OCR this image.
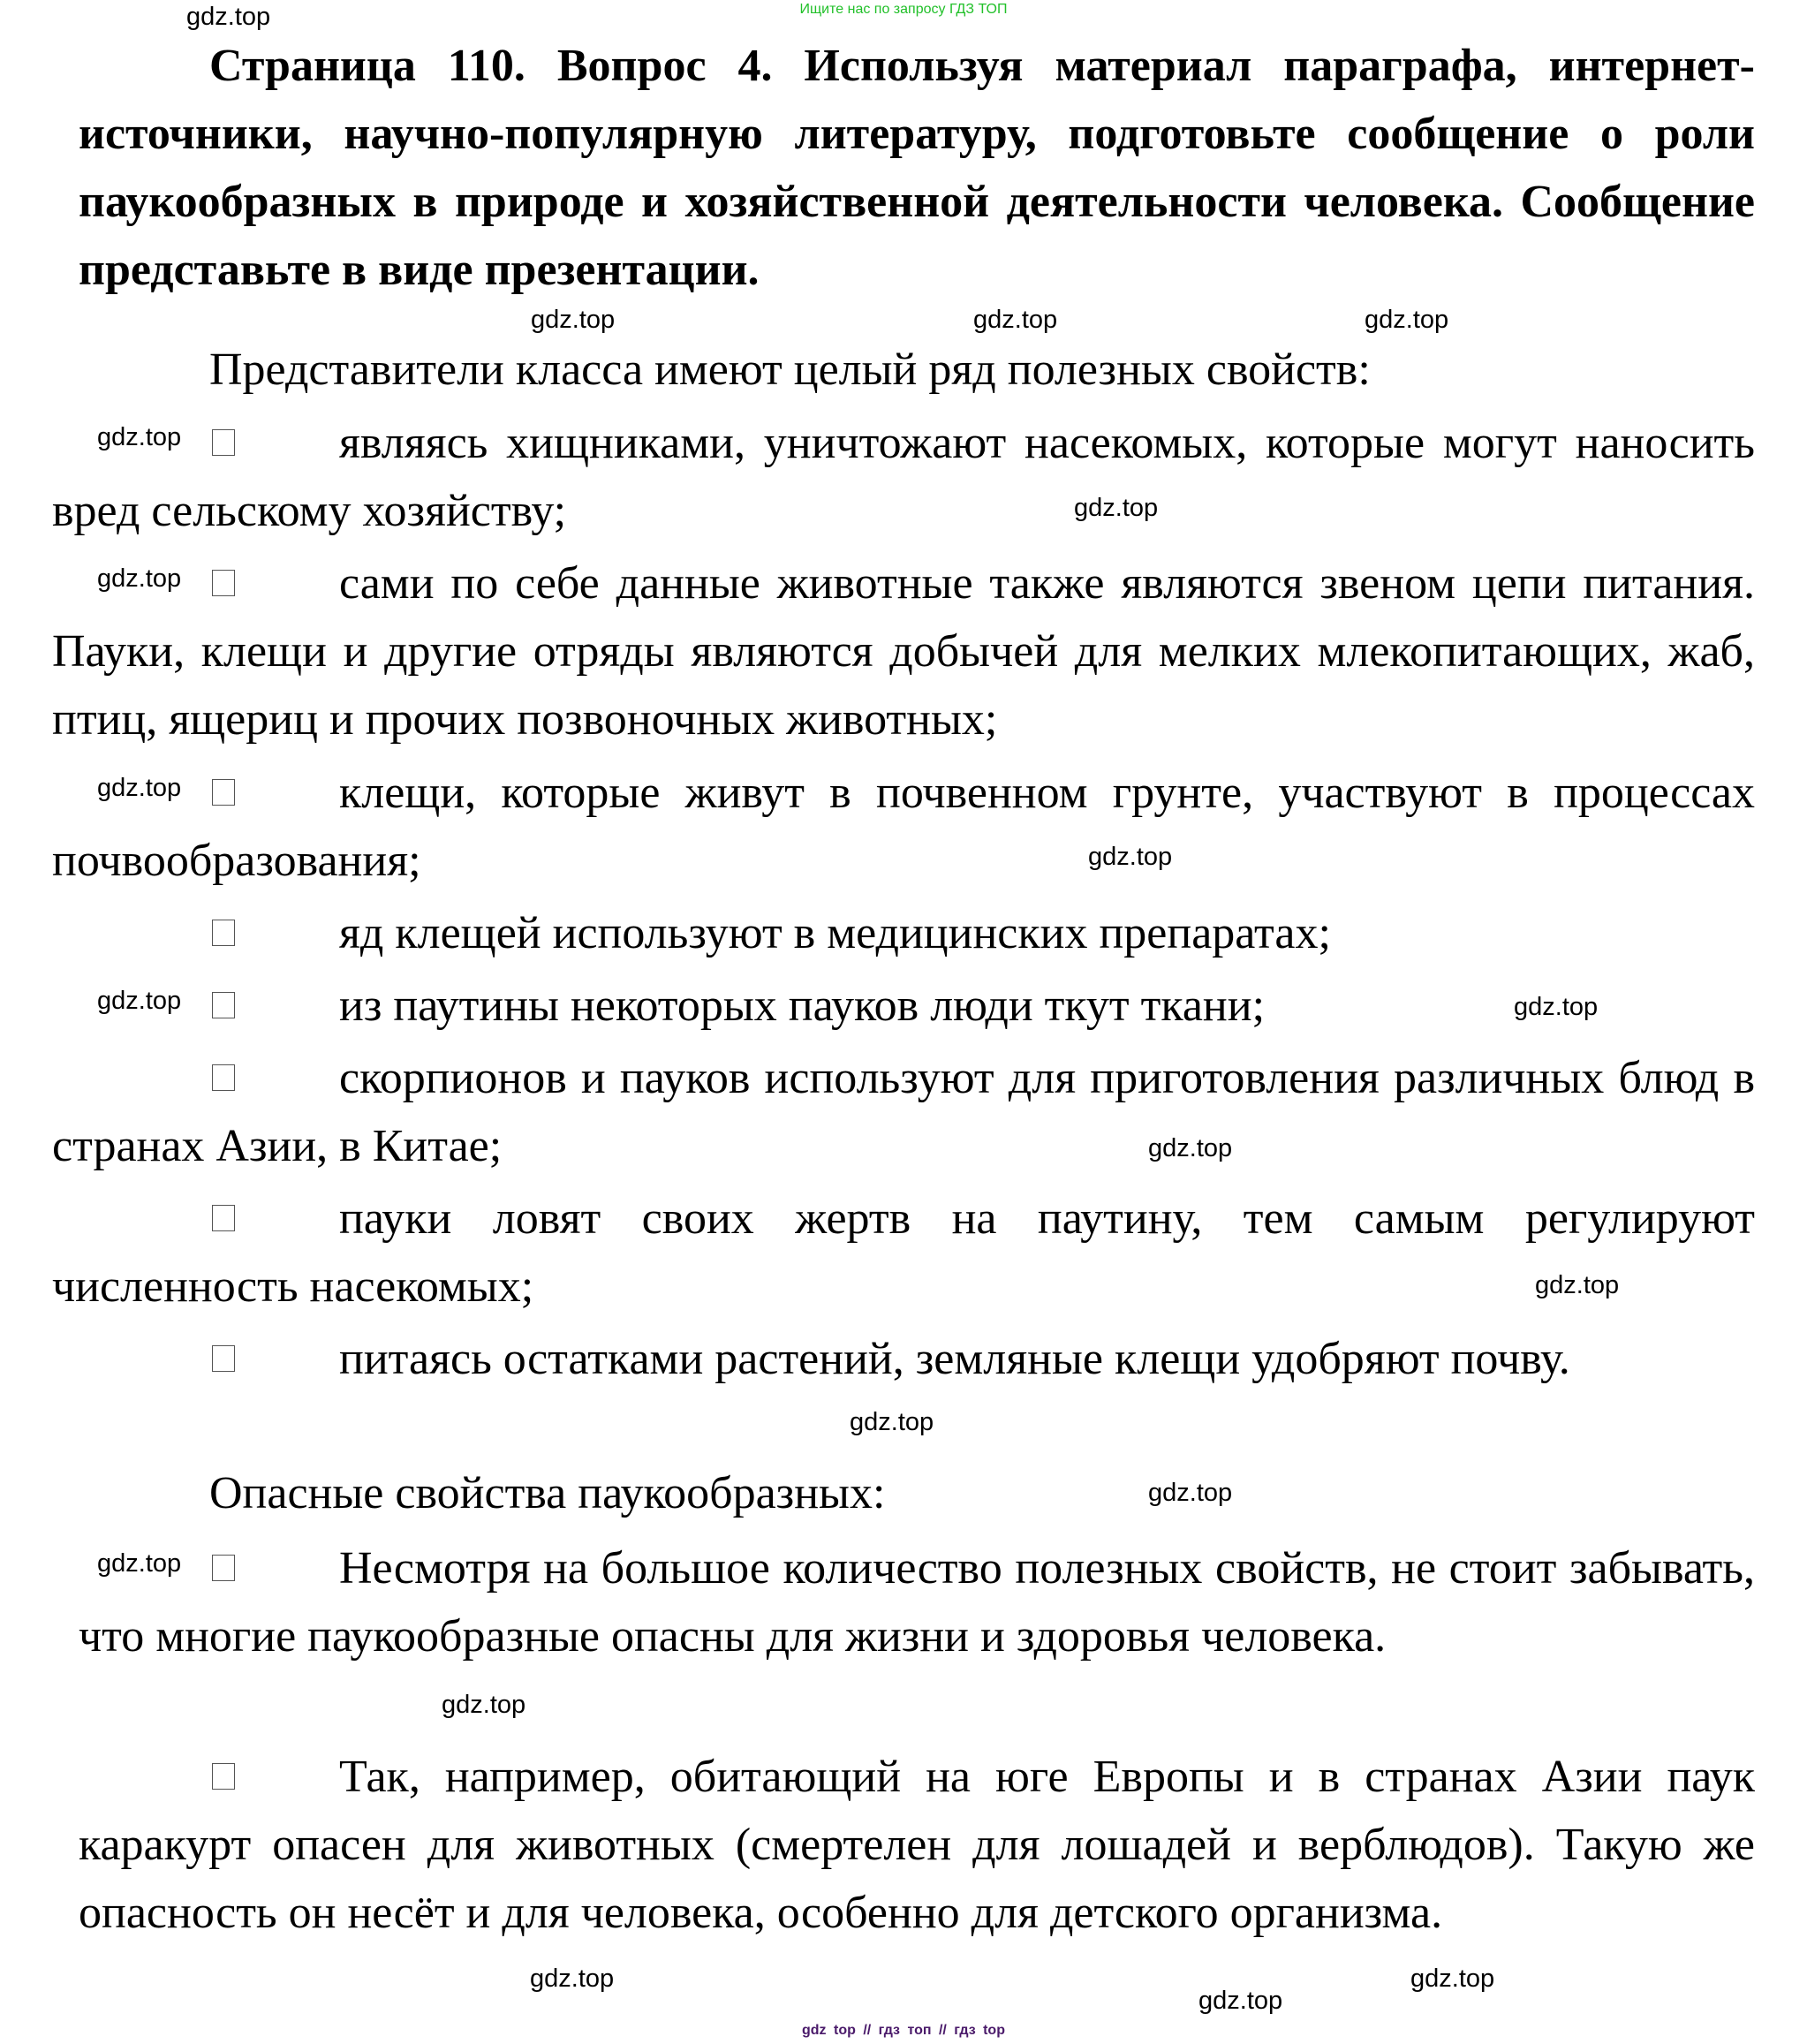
Ищите нас по запросу ГДЗ ТОП
Страница 110. Вопрос 4. Используя материал параграфа, интернет-источники, научно-популярную литературу, подготовьте сообщение о роли паукообразных в природе и хозяйственной деятельности человека. Сообщение представьте в виде презентации.
Представители класса имеют целый ряд полезных свойств:
являясь хищниками, уничтожают насекомых, которые могут наносить вред сельскому хозяйству;
сами по себе данные животные также являются звеном цепи питания. Пауки, клещи и другие отряды являются добычей для мелких млекопитающих, жаб, птиц, ящериц и прочих позвоночных животных;
клещи, которые живут в почвенном грунте, участвуют в процессах почвообразования;
яд клещей используют в медицинских препаратах;
из паутины некоторых пауков люди ткут ткани;
скорпионов и пауков используют для приготовления различных блюд в странах Азии, в Китае;
пауки ловят своих жертв на паутину, тем самым регулируют численность насекомых;
питаясь остатками растений, земляные клещи удобряют почву.
Опасные свойства паукообразных:
Несмотря на большое количество полезных свойств, не стоит забывать, что многие паукообразные опасны для жизни и здоровья человека.
Так, например, обитающий на юге Европы и в странах Азии паук каракурт опасен для животных (смертелен для лошадей и верблюдов). Такую же опасность он несёт и для человека, особенно для детского организма.
gdz.top
gdz.top
gdz.top
gdz.top
gdz.top
gdz.top
gdz.top
gdz.top
gdz.top
gdz.top	gdz.top
gdz.top
gdz.top
gdz.top
gdz.top
gdz.top
gdz.top
gdz.top
gdz.top
gdz.top
gdz top // гдз топ // гдз top
